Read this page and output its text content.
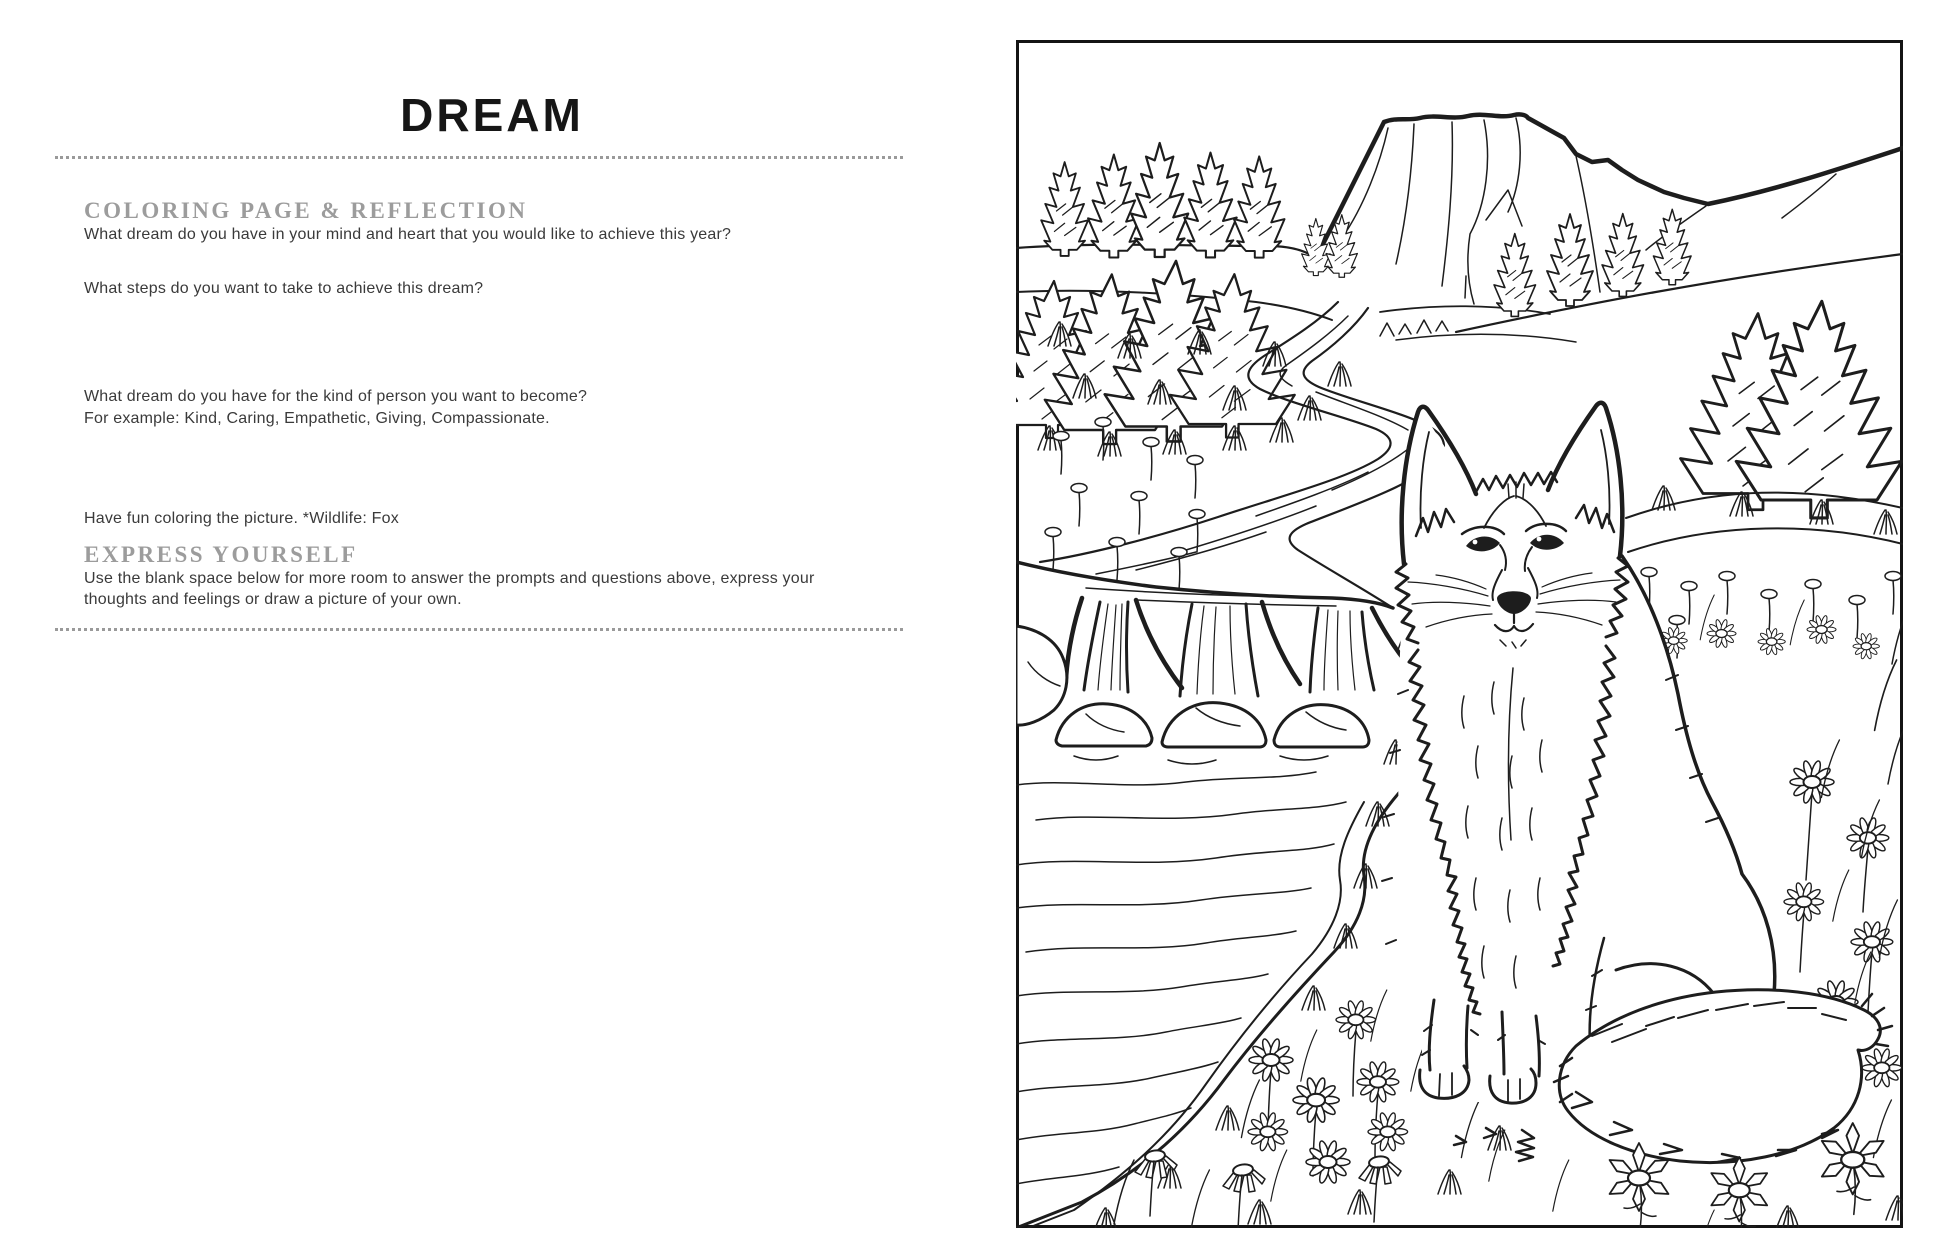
DREAM
COLORING PAGE & REFLECTION
What dream do you have in your mind and heart that you would like to achieve this year?
What steps do you want to take to achieve this dream?
What dream do you have for the kind of person you want to become?
For example: Kind, Caring, Empathetic, Giving, Compassionate.
Have fun coloring the picture. *Wildlife: Fox
EXPRESS YOURSELF
Use the blank space below for more room to answer the prompts and questions above, express your
thoughts and feelings or draw a picture of your own.
